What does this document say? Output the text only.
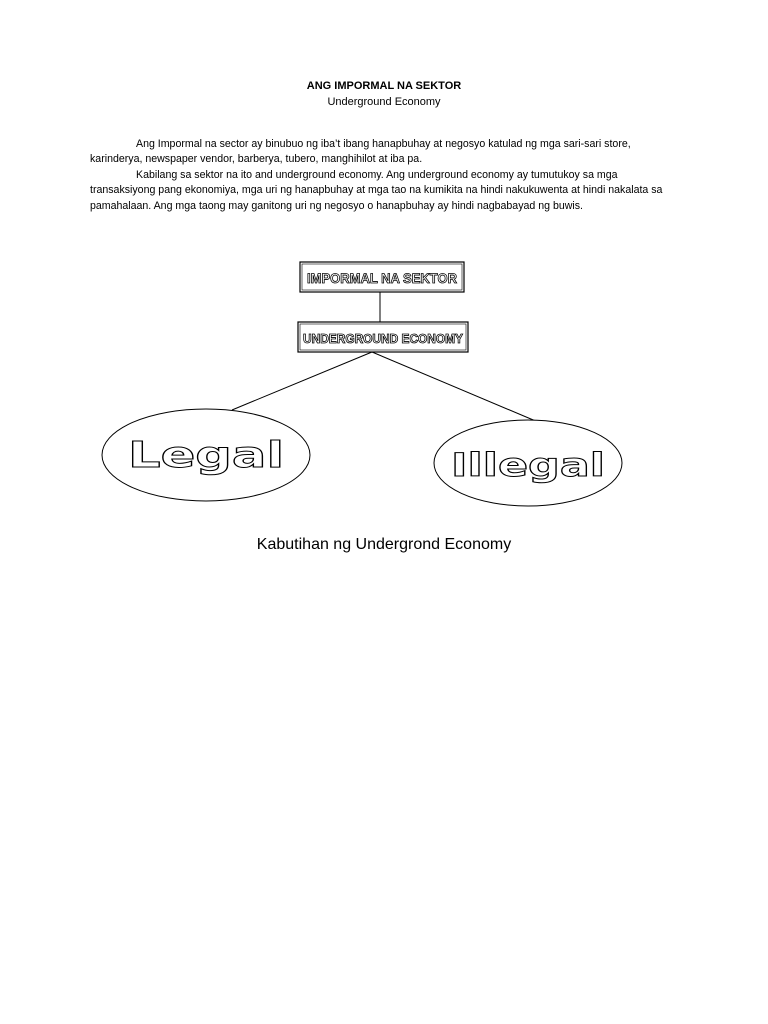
ANG IMPORMAL NA SEKTOR
Underground Economy

Ang Impormal na sector ay binubuo ng iba’t ibang hanapbuhay at negosyo katulad ng mga sari-sari store, karinderya, newspaper vendor, barberya, tubero, manghihilot at iba pa.

Kabilang sa sektor na ito and underground economy. Ang underground economy ay tumutukoy sa mga transaksiyong pang ekonomiya, mga uri ng hanapbuhay at mga tao na kumikita na hindi nakukuwenta at hindi nakalata sa pamahalaan. Ang mga taong may ganitong uri ng negosyo o hanapbuhay ay hindi nagbabayad ng buwis.

IMPORMAL NA SEKTOR
UNDERGROUND ECONOMY
Legal	Illegal
Kabutihan ng Undergrond Economy
